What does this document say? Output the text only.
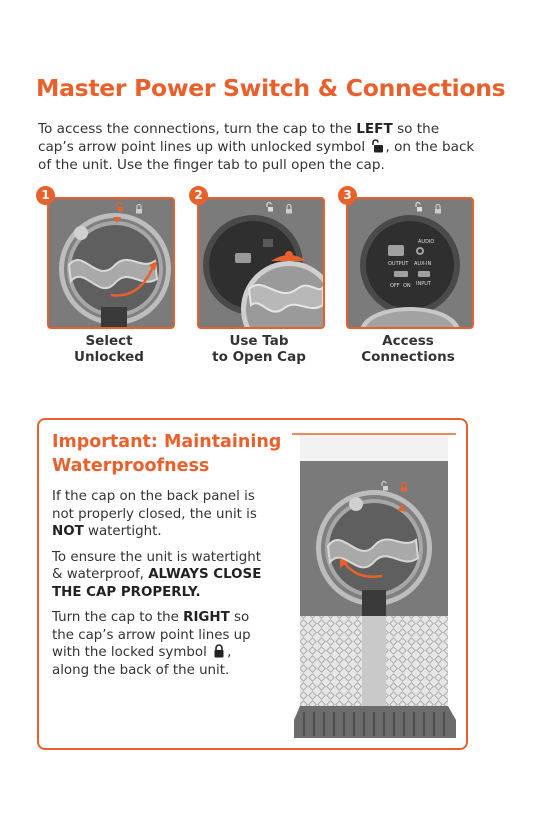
Master Power Switch & Connections

To access the connections, turn the cap to the LEFT so the cap’s arrow point lines up with unlocked symbol , on the back of the unit. Use the finger tab to pull open the cap.

1
Select
Unlocked
2
Use Tab
to Open Cap
3
AUDIO
OUTPUT AUX-IN
OFF ON INPUT
Access
Connections
Important: Maintaining
Waterproofness

If the cap on the back panel is not properly closed, the unit is NOT watertight.

To ensure the unit is watertight & waterproof, ALWAYS CLOSE THE CAP PROPERLY.

Turn the cap to the RIGHT so the cap’s arrow point lines up with the locked symbol , along the back of the unit.
